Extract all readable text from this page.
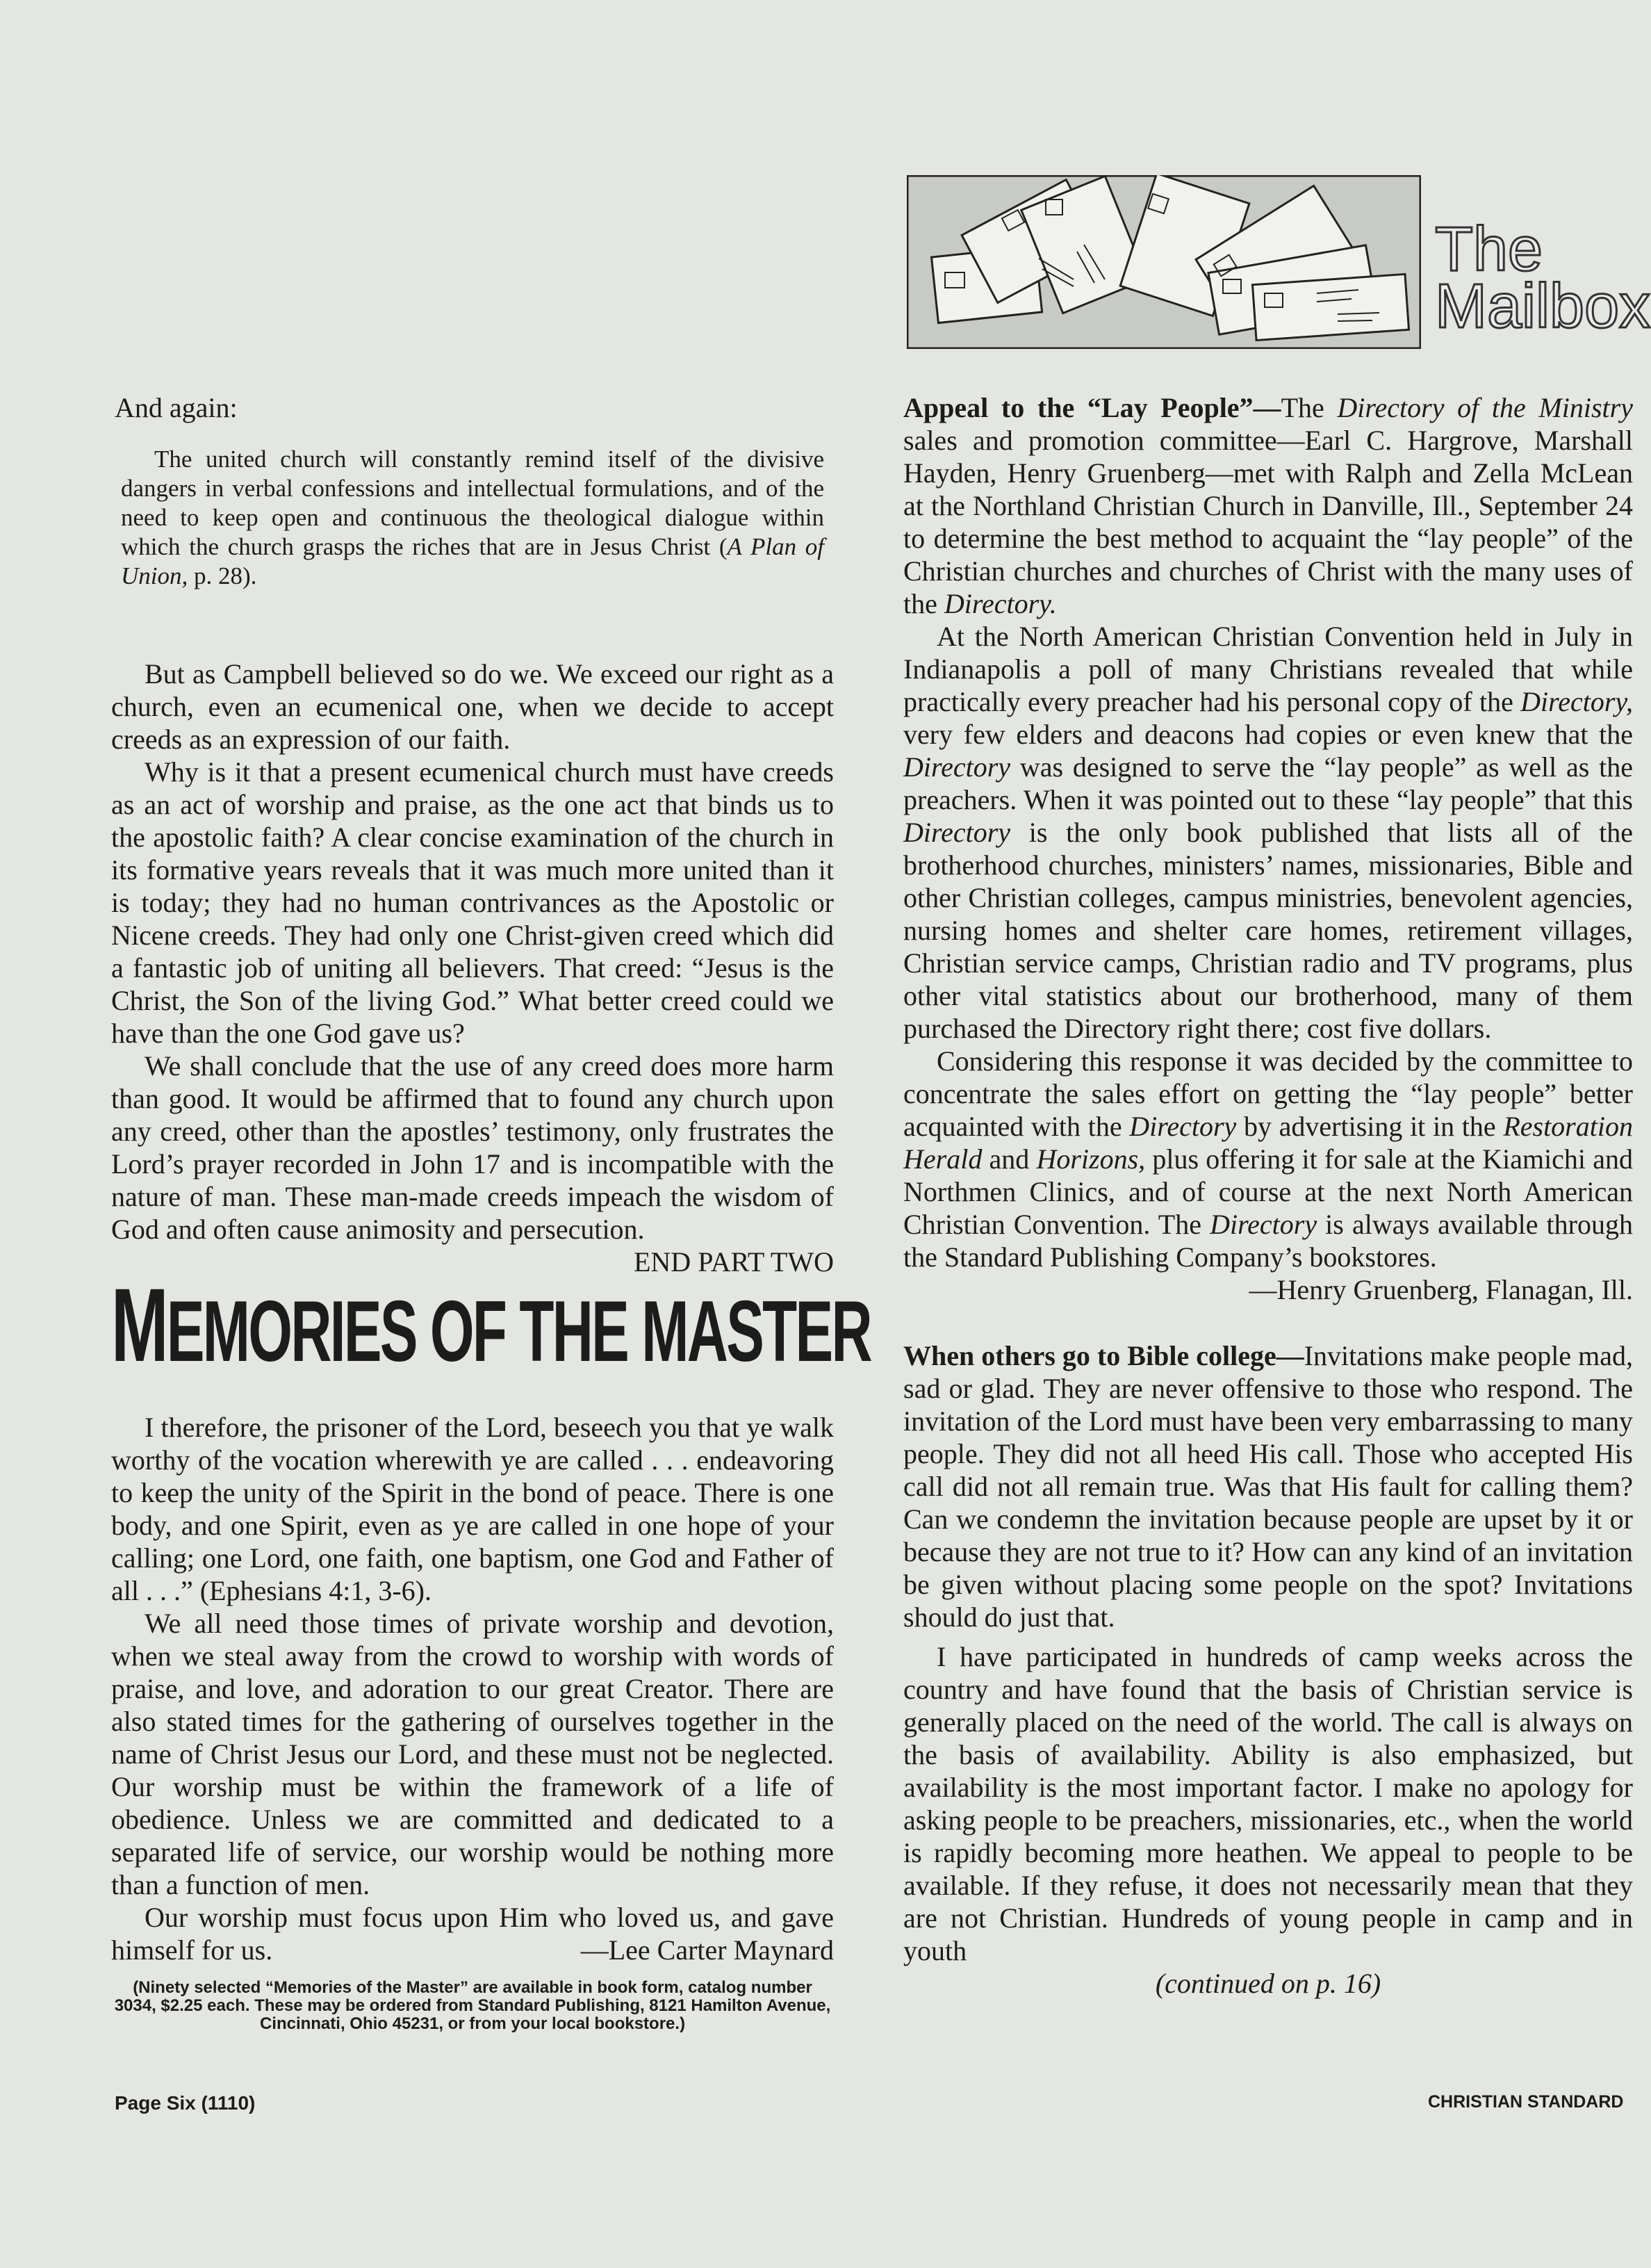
And again:

The united church will constantly remind itself of the divisive dangers in verbal confessions and intellectual formulations, and of the need to keep open and continuous the theological dialogue within which the church grasps the riches that are in Jesus Christ (A Plan of Union, p. 28).

But as Campbell believed so do we. We exceed our right as a church, even an ecumenical one, when we decide to accept creeds as an expression of our faith.

Why is it that a present ecumenical church must have creeds as an act of worship and praise, as the one act that binds us to the apostolic faith? A clear concise examination of the church in its formative years reveals that it was much more united than it is today; they had no human contrivances as the Apostolic or Nicene creeds. They had only one Christ-given creed which did a fantastic job of uniting all believers. That creed: “Jesus is the Christ, the Son of the living God.” What better creed could we have than the one God gave us?

We shall conclude that the use of any creed does more harm than good. It would be affirmed that to found any church upon any creed, other than the apostles’ testimony, only frustrates the Lord’s prayer recorded in John 17 and is incompatible with the nature of man. These man-made creeds impeach the wisdom of God and often cause animosity and persecution.
END PART TWO

MEMORIES OF THE MASTER

I therefore, the prisoner of the Lord, beseech you that ye walk worthy of the vocation wherewith ye are called . . . endeavoring to keep the unity of the Spirit in the bond of peace. There is one body, and one Spirit, even as ye are called in one hope of your calling; one Lord, one faith, one baptism, one God and Father of all . . .” (Ephesians 4:1, 3-6).

We all need those times of private worship and devotion, when we steal away from the crowd to worship with words of praise, and love, and adoration to our great Creator. There are also stated times for the gathering of ourselves together in the name of Christ Jesus our Lord, and these must not be neglected. Our worship must be within the framework of a life of obedience. Unless we are committed and dedicated to a separated life of service, our worship would be nothing more than a function of men.

Our worship must focus upon Him who loved us, and gave himself for us.	—Lee Carter Maynard

(Ninety selected “Memories of the Master” are available in book form, catalog number 3034, $2.25 each. These may be ordered from Standard Publishing, 8121 Hamilton Avenue, Cincinnati, Ohio 45231, or from your local bookstore.)

The
Mailbox

Appeal to the “Lay People”—The Directory of the Ministry sales and promotion committee—Earl C. Hargrove, Marshall Hayden, Henry Gruenberg—met with Ralph and Zella McLean at the Northland Christian Church in Danville, Ill., September 24 to determine the best method to acquaint the “lay people” of the Christian churches and churches of Christ with the many uses of the Directory.

At the North American Christian Convention held in July in Indianapolis a poll of many Christians revealed that while practically every preacher had his personal copy of the Directory, very few elders and deacons had copies or even knew that the Directory was designed to serve the “lay people” as well as the preachers. When it was pointed out to these “lay people” that this Directory is the only book published that lists all of the brotherhood churches, ministers’ names, missionaries, Bible and other Christian colleges, campus ministries, benevolent agencies, nursing homes and shelter care homes, retirement villages, Christian service camps, Christian radio and TV programs, plus other vital statistics about our brotherhood, many of them purchased the Directory right there; cost five dollars.

Considering this response it was decided by the committee to concentrate the sales effort on getting the “lay people” better acquainted with the Directory by advertising it in the Restoration Herald and Horizons, plus offering it for sale at the Kiamichi and Northmen Clinics, and of course at the next North American Christian Convention. The Directory is always available through the Standard Publishing Company’s bookstores.

—Henry Gruenberg, Flanagan, Ill.

When others go to Bible college—Invitations make people mad, sad or glad. They are never offensive to those who respond. The invitation of the Lord must have been very embarrassing to many people. They did not all heed His call. Those who accepted His call did not all remain true. Was that His fault for calling them? Can we condemn the invitation because people are upset by it or because they are not true to it? How can any kind of an invitation be given without placing some people on the spot? Invitations should do just that.

I have participated in hundreds of camp weeks across the country and have found that the basis of Christian service is generally placed on the need of the world. The call is always on the basis of availability. Ability is also emphasized, but availability is the most important factor. I make no apology for asking people to be preachers, missionaries, etc., when the world is rapidly becoming more heathen. We appeal to people to be available. If they refuse, it does not necessarily mean that they are not Christian. Hundreds of young people in camp and in youth

(continued on p. 16)

Page Six (1110)	CHRISTIAN STANDARD
